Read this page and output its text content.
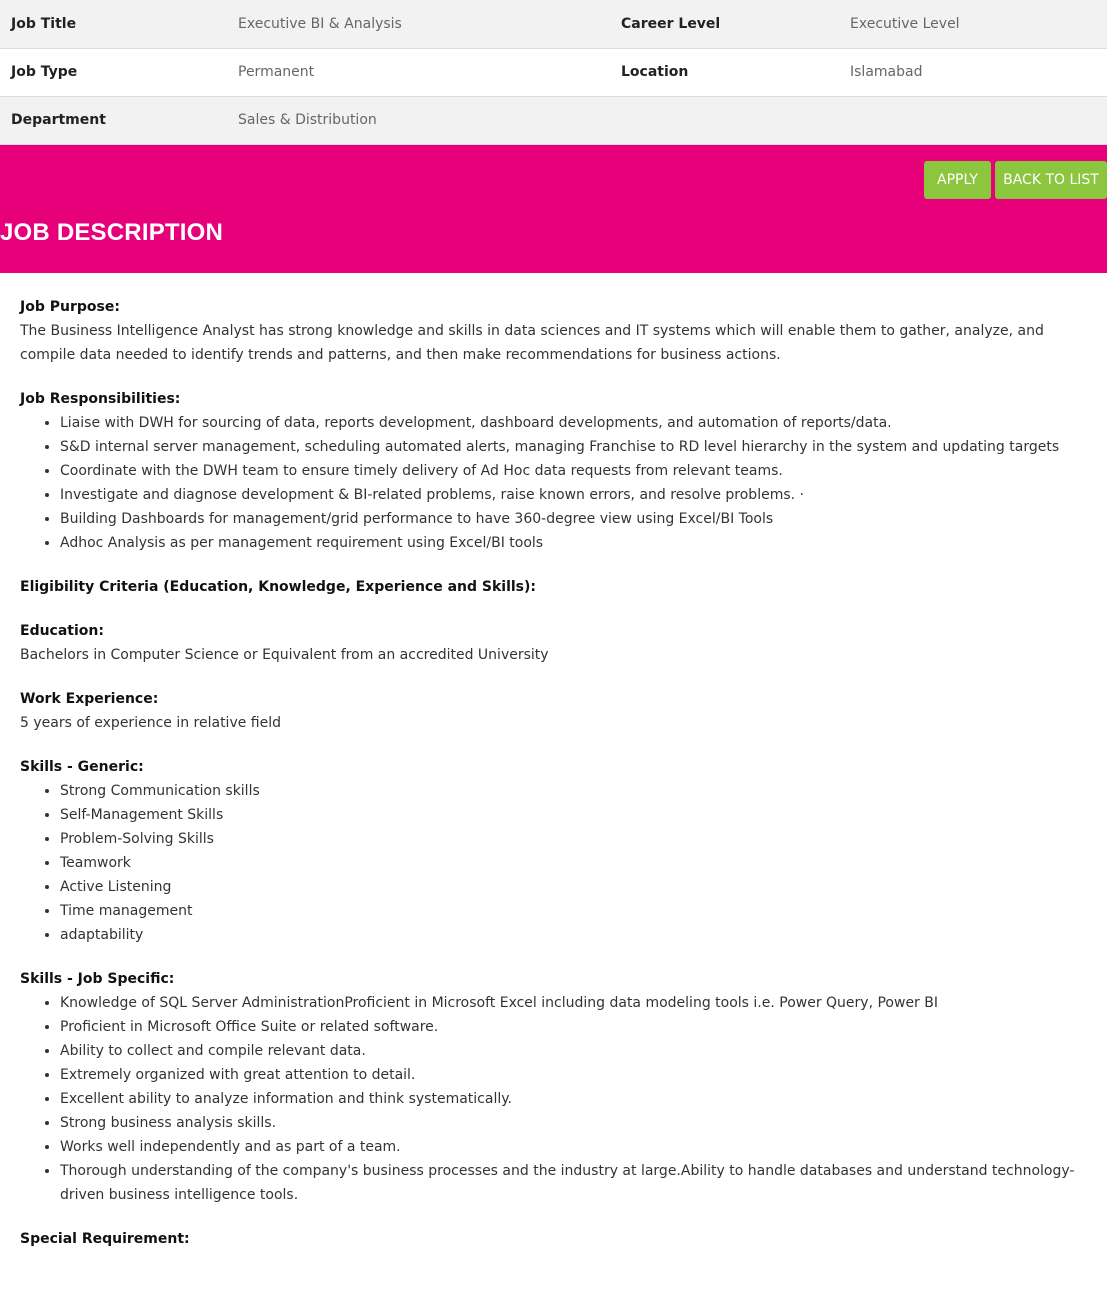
Job Title	Executive BI & Analysis	Career Level	Executive Level
Job Type	Permanent	Location	Islamabad
Department	Sales & Distribution		
APPLY	BACK TO LIST
JOB DESCRIPTION
Job Purpose:
The Business Intelligence Analyst has strong knowledge and skills in data sciences and IT systems which will enable them to gather, analyze, and compile data needed to identify trends and patterns, and then make recommendations for business actions.
Job Responsibilities:
• Liaise with DWH for sourcing of data, reports development, dashboard developments, and automation of reports/data.
• S&D internal server management, scheduling automated alerts, managing Franchise to RD level hierarchy in the system and updating targets
• Coordinate with the DWH team to ensure timely delivery of Ad Hoc data requests from relevant teams.
• Investigate and diagnose development & BI-related problems, raise known errors, and resolve problems. ·
• Building Dashboards for management/grid performance to have 360-degree view using Excel/BI Tools
• Adhoc Analysis as per management requirement using Excel/BI tools
Eligibility Criteria (Education, Knowledge, Experience and Skills):
Education:
Bachelors in Computer Science or Equivalent from an accredited University
Work Experience:
5 years of experience in relative field
Skills - Generic:
• Strong Communication skills
• Self-Management Skills
• Problem-Solving Skills
• Teamwork
• Active Listening
• Time management
• adaptability
Skills - Job Specific:
• Knowledge of SQL Server AdministrationProficient in Microsoft Excel including data modeling tools i.e. Power Query, Power BI
• Proficient in Microsoft Office Suite or related software.
• Ability to collect and compile relevant data.
• Extremely organized with great attention to detail.
• Excellent ability to analyze information and think systematically.
• Strong business analysis skills.
• Works well independently and as part of a team.
• Thorough understanding of the company's business processes and the industry at large.Ability to handle databases and understand technology-driven business intelligence tools.
Special Requirement:
